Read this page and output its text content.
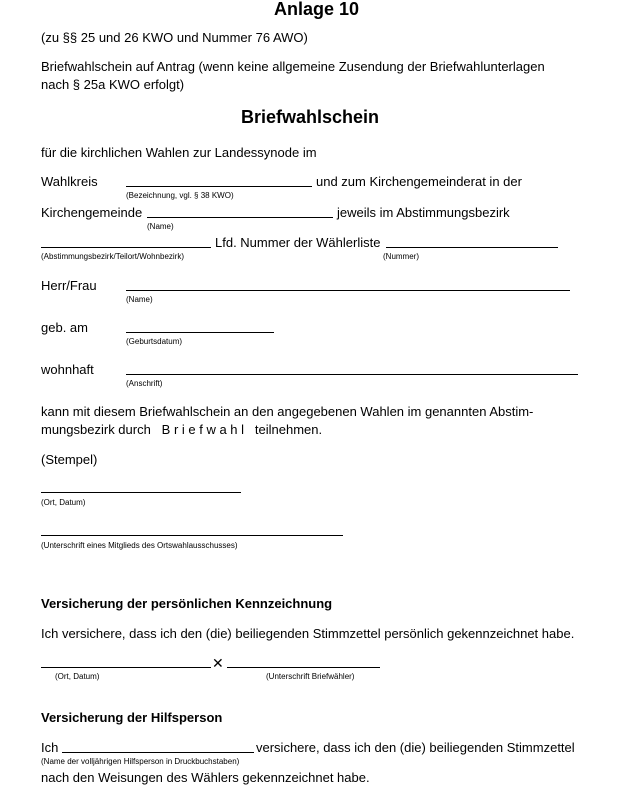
Anlage 10
(zu §§ 25 und 26 KWO und Nummer 76 AWO)
Briefwahlschein auf Antrag (wenn keine allgemeine Zusendung der Briefwahlunterlagen
nach § 25a KWO erfolgt)
Briefwahlschein
für die kirchlichen Wahlen zur Landessynode im
Wahlkreis	und zum Kirchengemeinderat in der
(Bezeichnung, vgl. § 38 KWO)
Kirchengemeinde	jeweils im Abstimmungsbezirk
(Name)
Lfd. Nummer der Wählerliste
(Abstimmungsbezirk/Teilort/Wohnbezirk)	(Nummer)
Herr/Frau
(Name)
geb. am
(Geburtsdatum)
wohnhaft
(Anschrift)
kann mit diesem Briefwahlschein an den angegebenen Wahlen im genannten Abstim-
mungsbezirk durch B r i e f w a h l teilnehmen.
(Stempel)
(Ort, Datum)
(Unterschrift eines Mitglieds des Ortswahlausschusses)
Versicherung der persönlichen Kennzeichnung
Ich versichere, dass ich den (die) beiliegenden Stimmzettel persönlich gekennzeichnet habe.
✕
(Ort, Datum)	(Unterschrift Briefwähler)
Versicherung der Hilfsperson
Ich	versichere, dass ich den (die) beiliegenden Stimmzettel
(Name der volljährigen Hilfsperson in Druckbuchstaben)
nach den Weisungen des Wählers gekennzeichnet habe.
